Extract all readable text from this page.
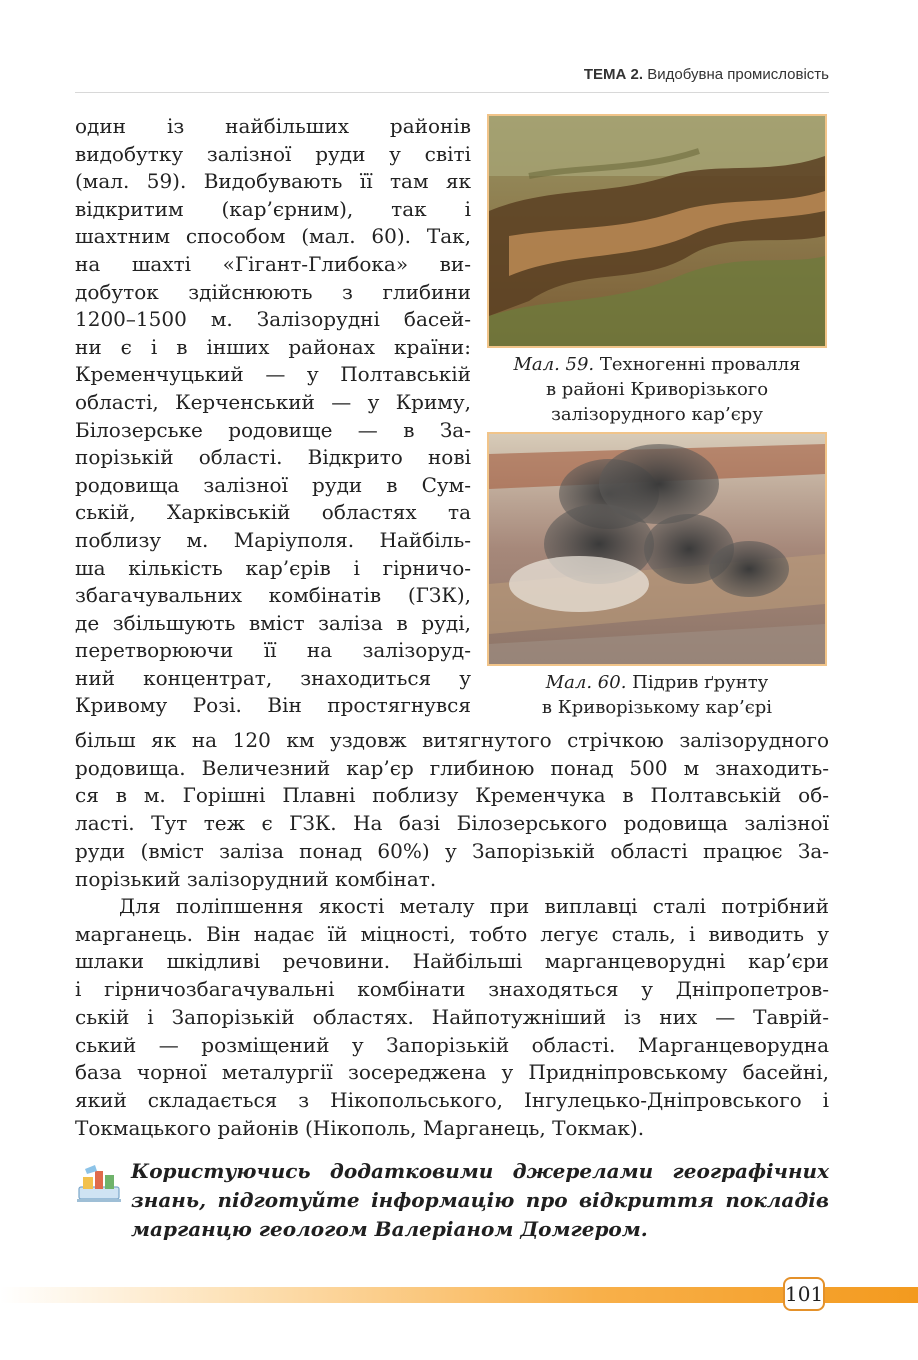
ТЕМА 2. Видобувна промисловість
один із найбільших районів
видобутку залізної руди у світі
(мал. 59). Видобувають її там як
відкритим (кар’єрним), так і
шахтним способом (мал. 60). Так,
на шахті «Гігант-Глибока» ви-
добуток здійснюють з глибини
1200–1500 м. Залізорудні басей-
ни є і в інших районах країни:
Кременчуцький — у Полтавській
області, Керченський — у Криму,
Білозерське родовище — в За-
порізькій області. Відкрито нові
родовища залізної руди в Сум-
ській, Харківській областях та
поблизу м. Маріуполя. Найбіль-
ша кількість кар’єрів і гірничо-
збагачувальних комбінатів (ГЗК),
де збільшують вміст заліза в руді,
перетворюючи її на залізоруд-
ний концентрат, знаходиться у
Кривому Розі. Він простягнувся
Мал. 59. Техногенні провалля
в районі Криворізького
залізорудного кар’єру
Мал. 60. Підрив ґрунту
в Криворізькому кар’єрі
більш як на 120 км уздовж витягнутого стрічкою залізорудного
родовища. Величезний кар’єр глибиною понад 500 м знаходить-
ся в м. Горішні Плавні поблизу Кременчука в Полтавській об-
ласті. Тут теж є ГЗК. На базі Білозерського родовища залізної
руди (вміст заліза понад 60%) у Запорізькій області працює За-
порізький залізорудний комбінат.
Для поліпшення якості металу при виплавці сталі потрібний
марганець. Він надає їй міцності, тобто легує сталь, і виводить у
шлаки шкідливі речовини. Найбільші марганцеворудні кар’єри
і гірничозбагачувальні комбінати знаходяться у Дніпропетров-
ській і Запорізькій областях. Найпотужніший із них — Таврій-
ський — розміщений у Запорізькій області. Марганцеворудна
база чорної металургії зосереджена у Придніпровському басейні,
який складається з Нікопольського, Інгулецько-Дніпровського і
Токмацького районів (Нікополь, Марганець, Токмак).
Користуючись додатковими джерелами географічних
знань, підготуйте інформацію про відкриття покладів
марганцю геологом Валеріаном Домгером.
101
